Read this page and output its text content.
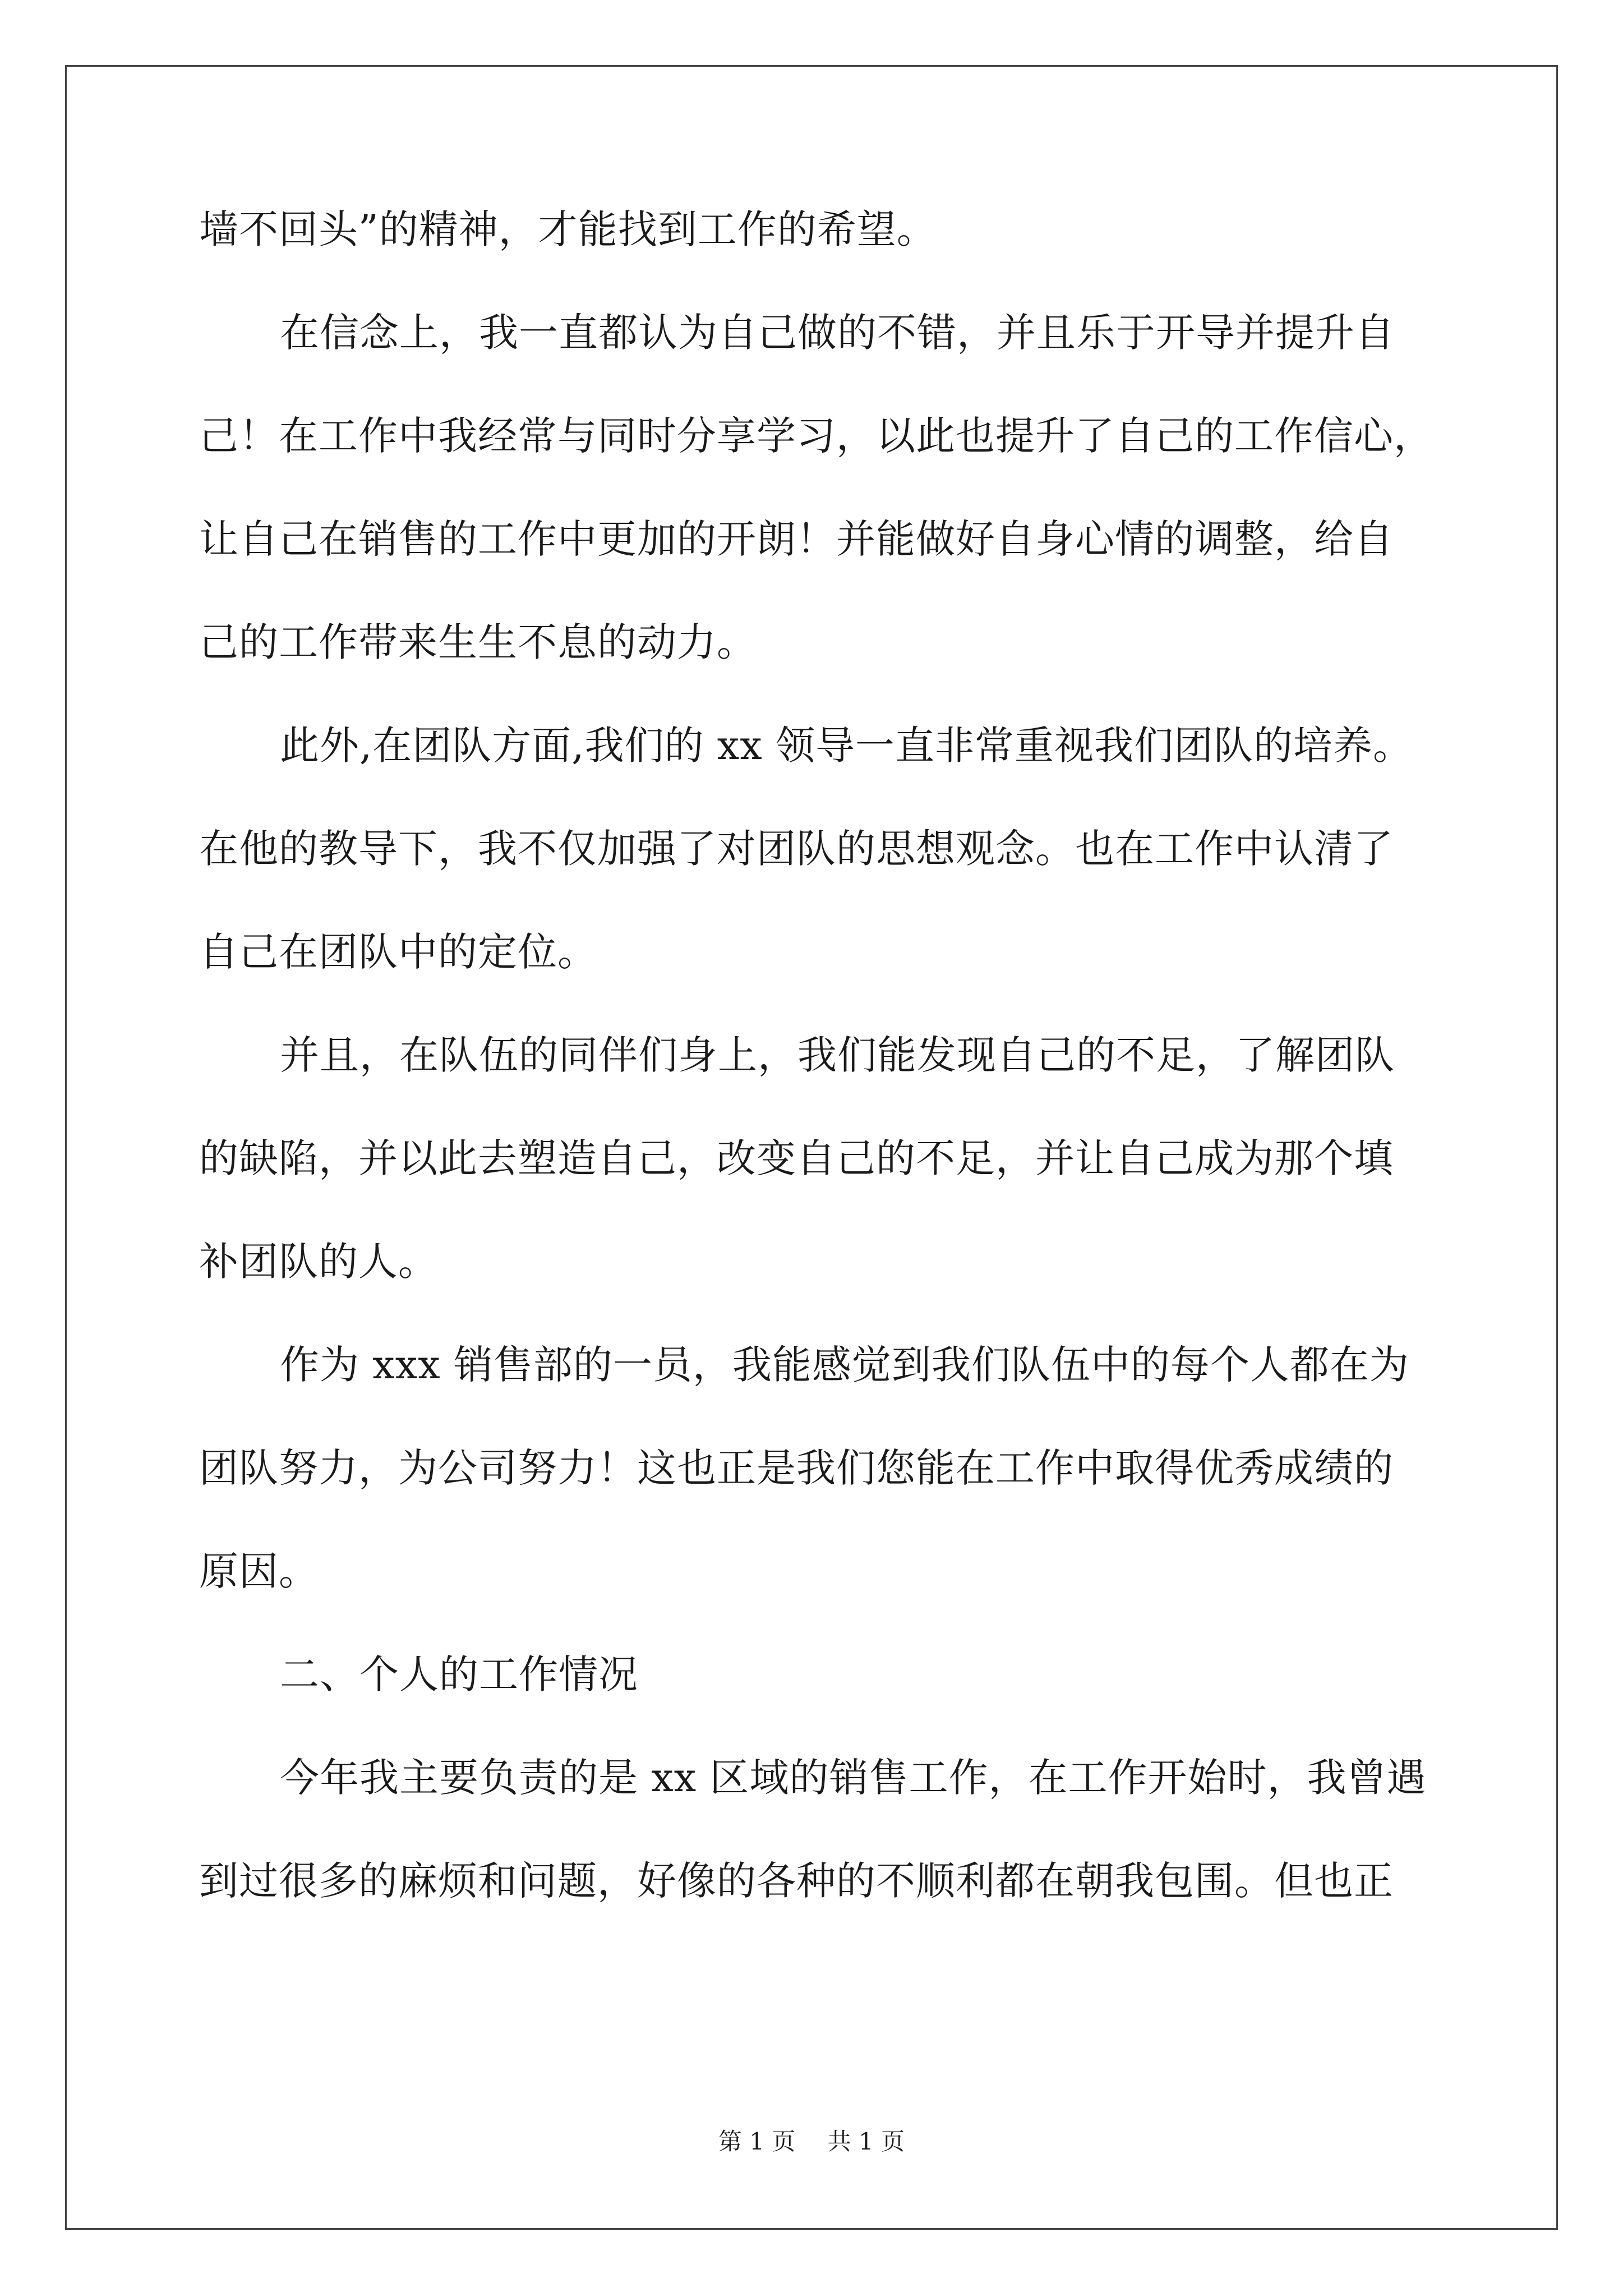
墙不回头”的精神，才能找到工作的希望。
在信念上，我一直都认为自己做的不错，并且乐于开导并提升自
己！在工作中我经常与同时分享学习，以此也提升了自己的工作信心，
让自己在销售的工作中更加的开朗！并能做好自身心情的调整，给自
己的工作带来生生不息的动力。
此外,在团队方面,我们的 xx 领导一直非常重视我们团队的培养。
在他的教导下，我不仅加强了对团队的思想观念。也在工作中认清了
自己在团队中的定位。
并且，在队伍的同伴们身上，我们能发现自己的不足，了解团队
的缺陷，并以此去塑造自己，改变自己的不足，并让自己成为那个填
补团队的人。
作为 xxx 销售部的一员，我能感觉到我们队伍中的每个人都在为
团队努力，为公司努力！这也正是我们您能在工作中取得优秀成绩的
原因。
二、个人的工作情况
今年我主要负责的是 xx 区域的销售工作，在工作开始时，我曾遇
到过很多的麻烦和问题，好像的各种的不顺利都在朝我包围。但也正
第 1 页 共 1 页
